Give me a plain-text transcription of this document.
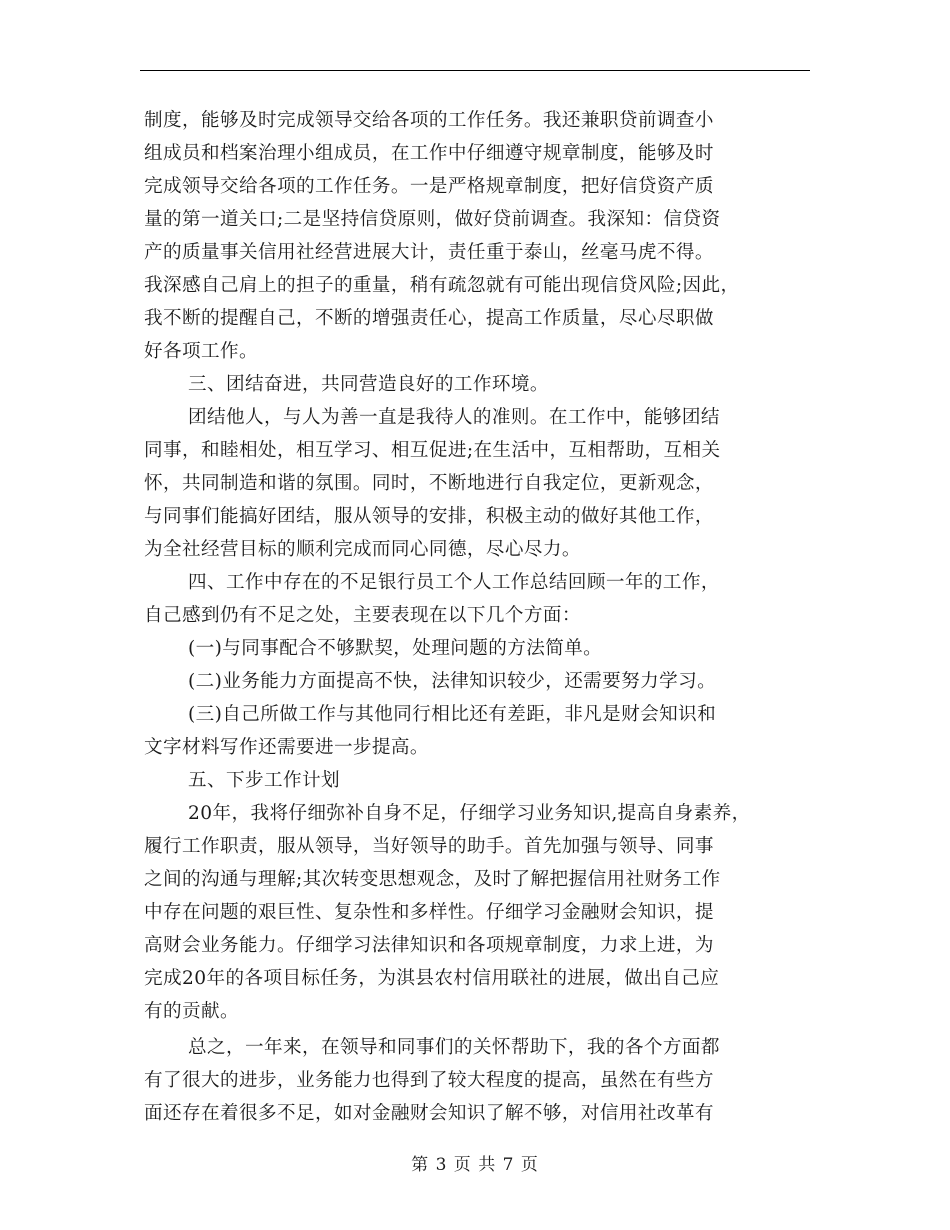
制度，能够及时完成领导交给各项的工作任务。我还兼职贷前调查小
组成员和档案治理小组成员，在工作中仔细遵守规章制度，能够及时
完成领导交给各项的工作任务。一是严格规章制度，把好信贷资产质
量的第一道关口;二是坚持信贷原则，做好贷前调查。我深知：信贷资
产的质量事关信用社经营进展大计，责任重于泰山，丝毫马虎不得。
我深感自己肩上的担子的重量，稍有疏忽就有可能出现信贷风险;因此，
我不断的提醒自己，不断的增强责任心，提高工作质量，尽心尽职做
好各项工作。
三、团结奋进，共同营造良好的工作环境。
团结他人，与人为善一直是我待人的准则。在工作中，能够团结
同事，和睦相处，相互学习、相互促进;在生活中，互相帮助，互相关
怀，共同制造和谐的氛围。同时，不断地进行自我定位，更新观念，
与同事们能搞好团结，服从领导的安排，积极主动的做好其他工作，
为全社经营目标的顺利完成而同心同德，尽心尽力。
四、工作中存在的不足银行员工个人工作总结回顾一年的工作，
自己感到仍有不足之处，主要表现在以下几个方面：
(一)与同事配合不够默契，处理问题的方法简单。
(二)业务能力方面提高不快，法律知识较少，还需要努力学习。
(三)自己所做工作与其他同行相比还有差距，非凡是财会知识和
文字材料写作还需要进一步提高。
五、下步工作计划
20年，我将仔细弥补自身不足，仔细学习业务知识,提高自身素养，
履行工作职责，服从领导，当好领导的助手。首先加强与领导、同事
之间的沟通与理解;其次转变思想观念，及时了解把握信用社财务工作
中存在问题的艰巨性、复杂性和多样性。仔细学习金融财会知识，提
高财会业务能力。仔细学习法律知识和各项规章制度，力求上进，为
完成20年的各项目标任务，为淇县农村信用联社的进展，做出自己应
有的贡献。
总之，一年来，在领导和同事们的关怀帮助下，我的各个方面都
有了很大的进步，业务能力也得到了较大程度的提高，虽然在有些方
面还存在着很多不足，如对金融财会知识了解不够，对信用社改革有
第 3 页 共 7 页
